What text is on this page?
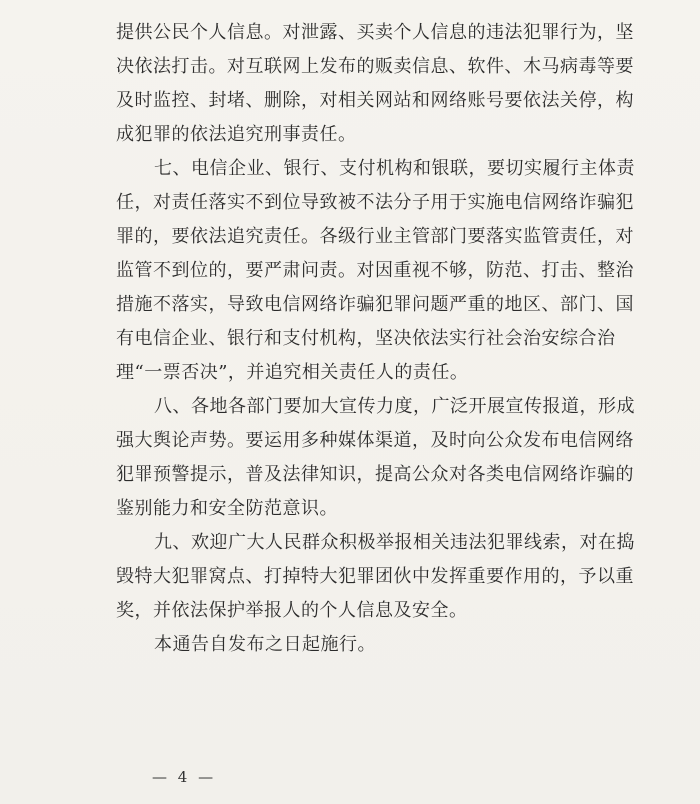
提供公民个人信息。对泄露、买卖个人信息的违法犯罪行为，坚决依法打击。对互联网上发布的贩卖信息、软件、木马病毒等要及时监控、封堵、删除，对相关网站和网络账号要依法关停，构成犯罪的依法追究刑事责任。

七、电信企业、银行、支付机构和银联，要切实履行主体责任，对责任落实不到位导致被不法分子用于实施电信网络诈骗犯罪的，要依法追究责任。各级行业主管部门要落实监管责任，对监管不到位的，要严肃问责。对因重视不够，防范、打击、整治措施不落实，导致电信网络诈骗犯罪问题严重的地区、部门、国有电信企业、银行和支付机构，坚决依法实行社会治安综合治理“一票否决”，并追究相关责任人的责任。

八、各地各部门要加大宣传力度，广泛开展宣传报道，形成强大舆论声势。要运用多种媒体渠道，及时向公众发布电信网络犯罪预警提示，普及法律知识，提高公众对各类电信网络诈骗的鉴别能力和安全防范意识。

九、欢迎广大人民群众积极举报相关违法犯罪线索，对在捣毁特大犯罪窝点、打掉特大犯罪团伙中发挥重要作用的，予以重奖，并依法保护举报人的个人信息及安全。

本通告自发布之日起施行。

— 4 —
